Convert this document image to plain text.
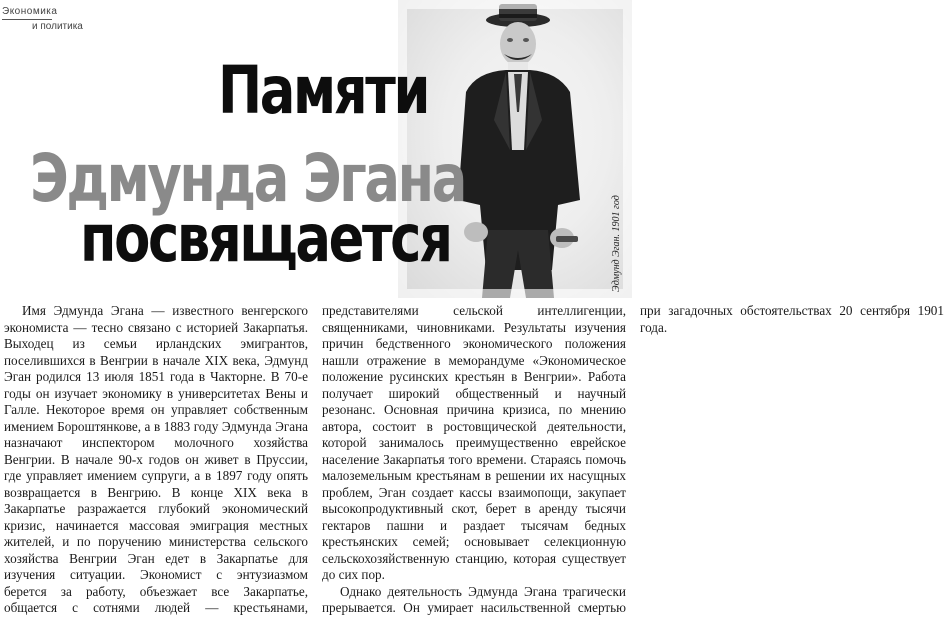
Экономика
и политика
Эдмунд Эган. 1901 год
Памяти
Эдмунда Эгана
посвящается

Имя Эдмунда Эгана — известного венгерского экономиста — тесно связано с историей Закарпатья. Выходец из семьи ирландских эмигрантов, поселившихся в Венгрии в начале XIX века, Эдмунд Эган родился 13 июля 1851 года в Чакторне. В 70-е годы он изучает экономику в университетах Вены и Галле. Некоторое время он управляет собственным имением Бороштянкове, а в 1883 году Эдмунда Эгана назначают инспектором молочного хозяйства Венгрии. В начале 90-х годов он живет в Пруссии, где управляет имением супруги, а в 1897 году опять возвращается в Венгрию. В конце XIX века в Закарпатье разражается глубокий экономический кризис, начинается массовая эмиграция местных жителей, и по поручению министерства сельского хозяйства Венгрии Эган едет в Закарпатье для изучения ситуации. Экономист с энтузиазмом берется за работу, объезжает все Закарпатье, общается с сотнями людей — крестьянами, представителями сельской интеллигенции, священниками, чиновниками. Результаты изучения причин бедственного экономического положения нашли отражение в меморандуме «Экономическое положение русинских крестьян в Венгрии». Работа получает широкий общественный и научный резонанс. Основная причина кризиса, по мнению автора, состоит в ростовщической деятельности, которой занималось преимущественно еврейское население Закарпатья того времени. Стараясь помочь малоземельным крестьянам в решении их насущных проблем, Эган создает кассы взаимопощи, закупает высокопродуктивный скот, берет в аренду тысячи гектаров пашни и раздает тысячам бедных крестьянских семей; основывает селекционную сельскохозяйственную станцию, которая существует до сих пор.

Однако деятельность Эдмунда Эгана трагически прерывается. Он умирает насильственной смертью при загадочных обстоятельствах 20 сентября 1901 года.
